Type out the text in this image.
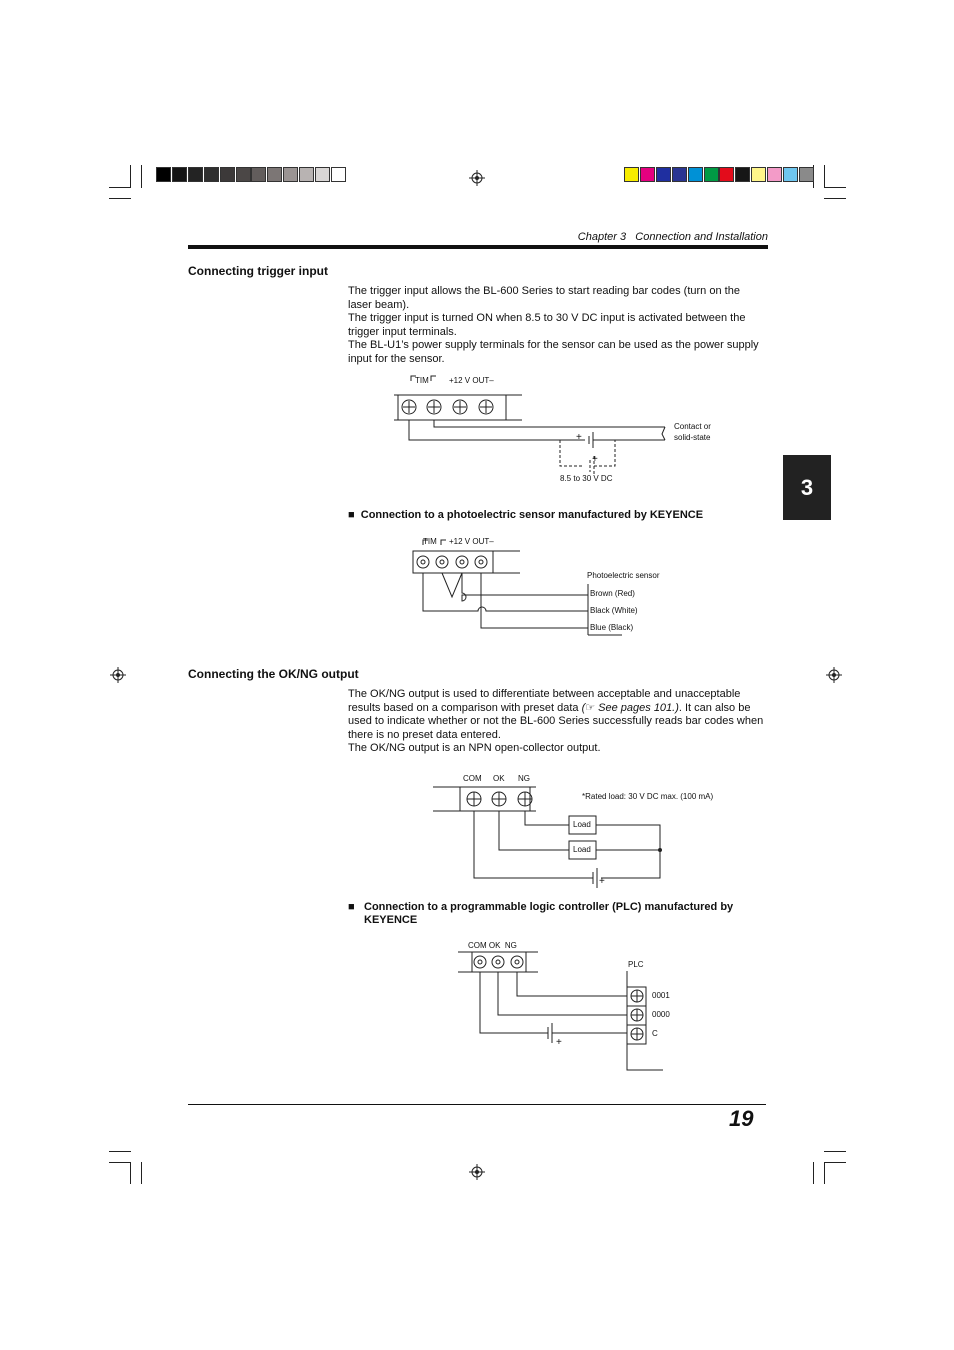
Chapter 3 Connection and Installation
3
Connecting trigger input
The trigger input allows the BL-600 Series to start reading bar codes (turn on the laser beam).
The trigger input is turned ON when 8.5 to 30 V DC input is activated between the trigger input terminals.
The BL-U1’s power supply terminals for the sensor can be used as the power supply input for the sensor.
TIM	+12 V OUT–
Contact or
solid-state
+
+
8.5 to 30 V DC
■  Connection to a photoelectric sensor manufactured by KEYENCE
TIM +12 V OUT–
Photoelectric sensor
Brown (Red)
Black (White)
Blue (Black)
Connecting the OK/NG output
The OK/NG output is used to differentiate between acceptable and unacceptable results based on a comparison with preset data (☞ See pages 101.). It can also be used to indicate whether or not the BL-600 Series successfully reads bar codes when there is no preset data entered.
The OK/NG output is an NPN open-collector output.
COM OK NG
*Rated load: 30 V DC max. (100 mA)
Load
Load
+
■ Connection to a programmable logic controller (PLC) manufactured by KEYENCE
COM OK  NG
PLC
0001
0000
C
+
19
